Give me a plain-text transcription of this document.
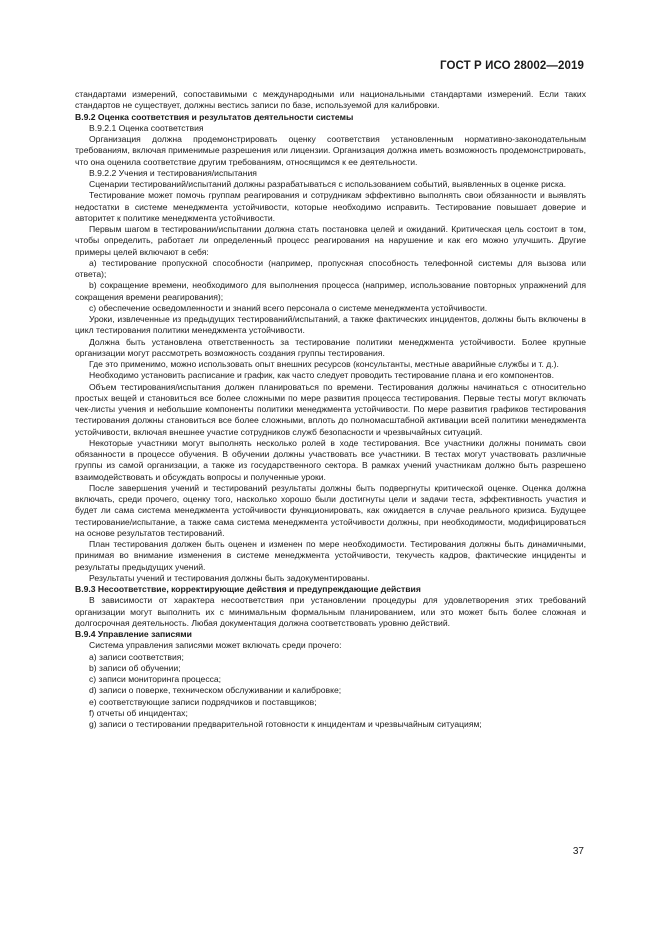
ГОСТ Р ИСО 28002—2019

стандартами измерений, сопоставимыми с международными или национальными стандартами измерений. Если таких стандартов не существует, должны вестись записи по базе, используемой для калибровки.

B.9.2 Оценка соответствия и результатов деятельности системы

B.9.2.1 Оценка соответствия

Организация должна продемонстрировать оценку соответствия установленным нормативно-законодательным требованиям, включая применимые разрешения или лицензии. Организация должна иметь возможность продемонстрировать, что она оценила соответствие другим требованиям, относящимся к ее деятельности.

B.9.2.2 Учения и тестирования/испытания

Сценарии тестирований/испытаний должны разрабатываться с использованием событий, выявленных в оценке риска.

Тестирование может помочь группам реагирования и сотрудникам эффективно выполнять свои обязанности и выявлять недостатки в системе менеджмента устойчивости, которые необходимо исправить. Тестирование повышает доверие и авторитет к политике менеджмента устойчивости.

Первым шагом в тестировании/испытании должна стать постановка целей и ожиданий. Критическая цель состоит в том, чтобы определить, работает ли определенный процесс реагирования на нарушение и как его можно улучшить. Другие примеры целей включают в себя:

a) тестирование пропускной способности (например, пропускная способность телефонной системы для вызова или ответа);

b) сокращение времени, необходимого для выполнения процесса (например, использование повторных упражнений для сокращения времени реагирования);

c) обеспечение осведомленности и знаний всего персонала о системе менеджмента устойчивости.

Уроки, извлеченные из предыдущих тестирований/испытаний, а также фактических инцидентов, должны быть включены в цикл тестирования политики менеджмента устойчивости.

Должна быть установлена ответственность за тестирование политики менеджмента устойчивости. Более крупные организации могут рассмотреть возможность создания группы тестирования.

Где это применимо, можно использовать опыт внешних ресурсов (консультанты, местные аварийные службы и т. д.).

Необходимо установить расписание и график, как часто следует проводить тестирование плана и его компонентов.

Объем тестирования/испытания должен планироваться по времени. Тестирования должны начинаться с относительно простых вещей и становиться все более сложными по мере развития процесса тестирования. Первые тесты могут включать чек-листы учения и небольшие компоненты политики менеджмента устойчивости. По мере развития графиков тестирования тестирования должны становиться все более сложными, вплоть до полномасштабной активации всей политики менеджмента устойчивости, включая внешнее участие сотрудников служб безопасности и чрезвычайных ситуаций.

Некоторые участники могут выполнять несколько ролей в ходе тестирования. Все участники должны понимать свои обязанности в процессе обучения. В обучении должны участвовать все участники. В тестах могут участвовать различные группы из самой организации, а также из государственного сектора. В рамках учений участникам должно быть разрешено взаимодействовать и обсуждать вопросы и полученные уроки.

После завершения учений и тестирований результаты должны быть подвергнуты критической оценке. Оценка должна включать, среди прочего, оценку того, насколько хорошо были достигнуты цели и задачи теста, эффективность участия и будет ли сама система менеджмента устойчивости функционировать, как ожидается в случае реального кризиса. Будущее тестирование/испытание, а также сама система менеджмента устойчивости должны, при необходимости, модифицироваться на основе результатов тестирований.

План тестирования должен быть оценен и изменен по мере необходимости. Тестирования должны быть динамичными, принимая во внимание изменения в системе менеджмента устойчивости, текучесть кадров, фактические инциденты и результаты предыдущих учений.

Результаты учений и тестирования должны быть задокументированы.

B.9.3 Несоответствие, корректирующие действия и предупреждающие действия

В зависимости от характера несоответствия при установлении процедуры для удовлетворения этих требований организации могут выполнить их с минимальным формальным планированием, или это может быть более сложная и долгосрочная деятельность. Любая документация должна соответствовать уровню действий.

B.9.4 Управление записями

Система управления записями может включать среди прочего:

a) записи соответствия;

b) записи об обучении;

c) записи мониторинга процесса;

d) записи о поверке, техническом обслуживании и калибровке;

e) соответствующие записи подрядчиков и поставщиков;

f) отчеты об инцидентах;

g) записи о тестировании предварительной готовности к инцидентам и чрезвычайным ситуациям;

37
